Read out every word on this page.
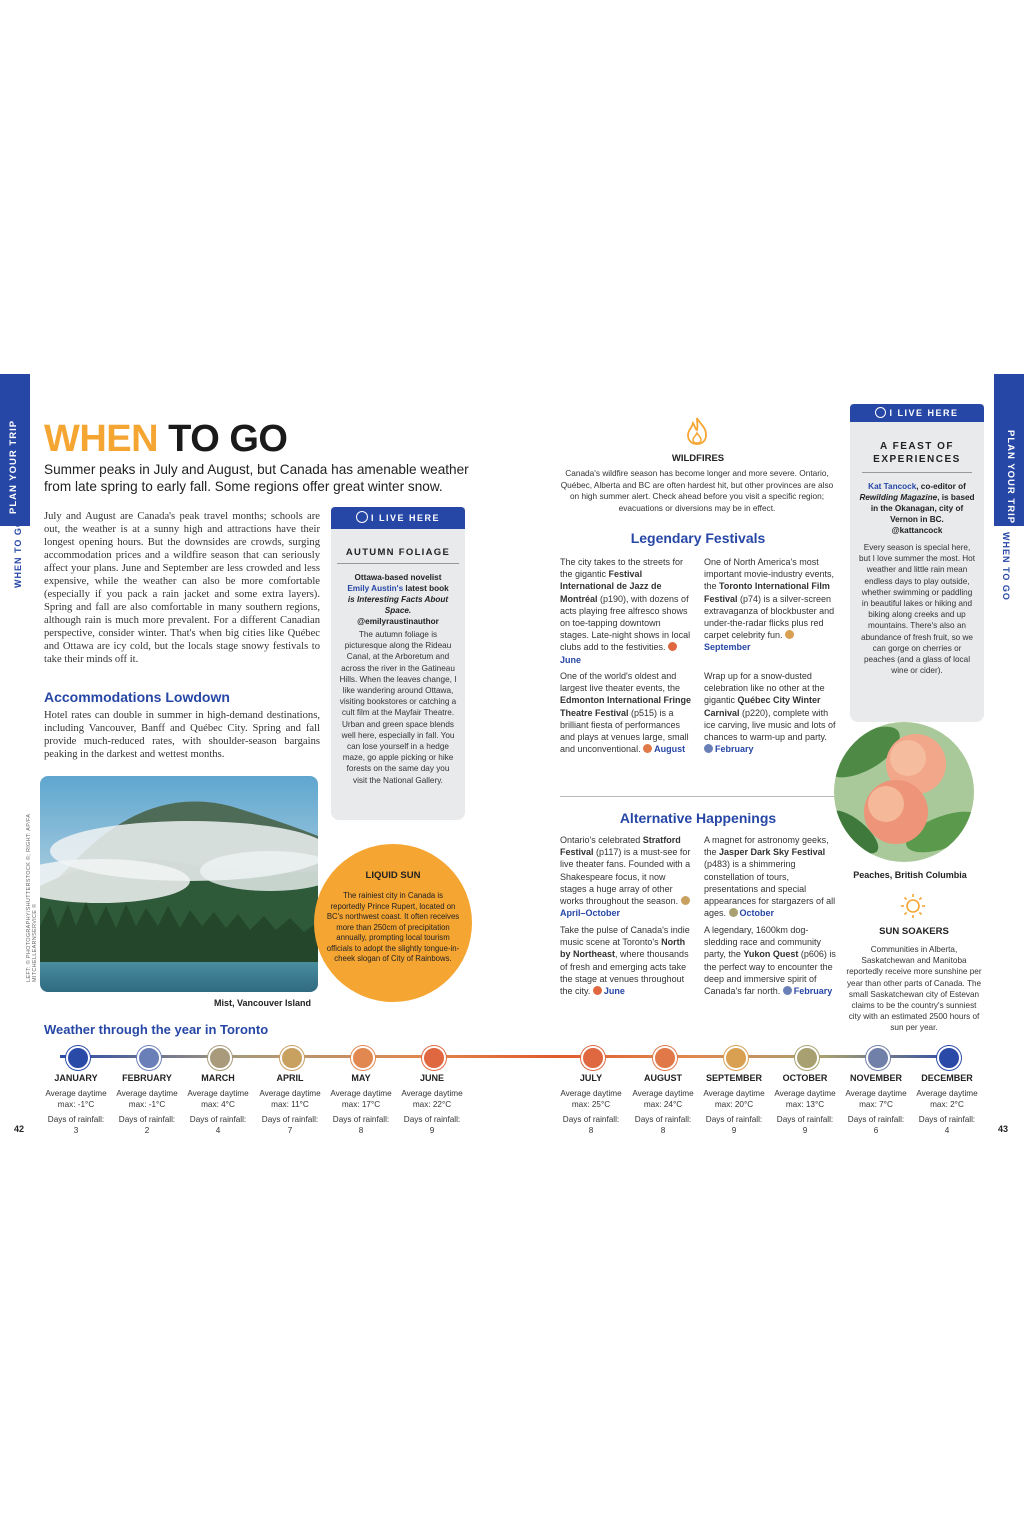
PLAN YOUR TRIP
WHEN TO GO
PLAN YOUR TRIP
WHEN TO GO
42	43
WHEN TO GO
Summer peaks in July and August, but Canada has amenable weather from late spring to early fall. Some regions offer great winter snow.
July and August are Canada's peak travel months; schools are out, the weather is at a sunny high and attractions have their longest opening hours. But the downsides are crowds, surging accommodation prices and a wildfire season that can seriously affect your plans. June and September are less crowded and less expensive, while the weather can also be more comfortable (especially if you pack a rain jacket and some extra layers). Spring and fall are also comfortable in many southern regions, although rain is much more prevalent. For a different Canadian perspective, consider winter. That's when big cities like Québec and Ottawa are icy cold, but the locals stage snowy festivals to take their minds off it.
Accommodations Lowdown
Hotel rates can double in summer in high-demand destinations, including Vancouver, Banff and Québec City. Spring and fall provide much-reduced rates, with shoulder-season bargains peaking in the darkest and wettest months.
LEFT: © PHOTOGRAPHY/SHUTTERSTOCK ©; RIGHT: AP/FA MITCHELLEARNSERVICE ©
Mist, Vancouver Island
I LIVE HERE
AUTUMN FOLIAGE
Ottawa-based novelist
Emily Austin's latest book
is Interesting Facts About Space.
@emilyraustinauthor
The autumn foliage is picturesque along the Rideau Canal, at the Arboretum and across the river in the Gatineau Hills. When the leaves change, I like wandering around Ottawa, visiting bookstores or catching a cult film at the Mayfair Theatre. Urban and green space blends well here, especially in fall. You can lose yourself in a hedge maze, go apple picking or hike forests on the same day you visit the National Gallery.
LIQUID SUN
The rainiest city in Canada is reportedly Prince Rupert, located on BC's northwest coast. It often receives more than 250cm of precipitation annually, prompting local tourism officials to adopt the slightly tongue-in-cheek slogan of City of Rainbows.
WILDFIRES
Canada's wildfire season has become longer and more severe. Ontario, Québec, Alberta and BC are often hardest hit, but other provinces are also on high summer alert. Check ahead before you visit a specific region; evacuations or diversions may be in effect.
Legendary Festivals
The city takes to the streets for the gigantic Festival International de Jazz de Montréal (p190), with dozens of acts playing free alfresco shows on toe-tapping downtown stages. Late-night shows in local clubs add to the festivities. June
One of North America's most important movie-industry events, the Toronto International Film Festival (p74) is a silver-screen extravaganza of blockbuster and under-the-radar flicks plus red carpet celebrity fun. September
One of the world's oldest and largest live theater events, the Edmonton International Fringe Theatre Festival (p515) is a brilliant fiesta of performances and plays at venues large, small and unconventional. August
Wrap up for a snow-dusted celebration like no other at the gigantic Québec City Winter Carnival (p220), complete with ice carving, live music and lots of chances to warm-up and party. February
Alternative Happenings
Ontario's celebrated Stratford Festival (p117) is a must-see for live theater fans. Founded with a Shakespeare focus, it now stages a huge array of other works throughout the season. April–October
A magnet for astronomy geeks, the Jasper Dark Sky Festival (p483) is a shimmering constellation of tours, presentations and special appearances for stargazers of all ages. October
Take the pulse of Canada's indie music scene at Toronto's North by Northeast, where thousands of fresh and emerging acts take the stage at venues throughout the city. June
A legendary, 1600km dog-sledding race and community party, the Yukon Quest (p606) is the perfect way to encounter the deep and immersive spirit of Canada's far north. February
I LIVE HERE
A FEAST OF EXPERIENCES
Kat Tancock, co-editor of Rewilding Magazine, is based in the Okanagan, city of Vernon in BC.
@kattancock
Every season is special here, but I love summer the most. Hot weather and little rain mean endless days to play outside, whether swimming or paddling in beautiful lakes or hiking and biking along creeks and up mountains. There's also an abundance of fresh fruit, so we can gorge on cherries or peaches (and a glass of local wine or cider).
Peaches, British Columbia
SUN SOAKERS
Communities in Alberta, Saskatchewan and Manitoba reportedly receive more sunshine per year than other parts of Canada. The small Saskatchewan city of Estevan claims to be the country's sunniest city with an estimated 2500 hours of sun per year.
Weather through the year in Toronto
JANUARY
Average daytime
max: -1°C
Days of rainfall:
3
FEBRUARY
Average daytime
max: -1°C
Days of rainfall:
2
MARCH
Average daytime
max: 4°C
Days of rainfall:
4
APRIL
Average daytime
max: 11°C
Days of rainfall:
7
MAY
Average daytime
max: 17°C
Days of rainfall:
8
JUNE
Average daytime
max: 22°C
Days of rainfall:
9
JULY
Average daytime
max: 25°C
Days of rainfall:
8
AUGUST
Average daytime
max: 24°C
Days of rainfall:
8
SEPTEMBER
Average daytime
max: 20°C
Days of rainfall:
9
OCTOBER
Average daytime
max: 13°C
Days of rainfall:
9
NOVEMBER
Average daytime
max: 7°C
Days of rainfall:
6
DECEMBER
Average daytime
max: 2°C
Days of rainfall:
4
